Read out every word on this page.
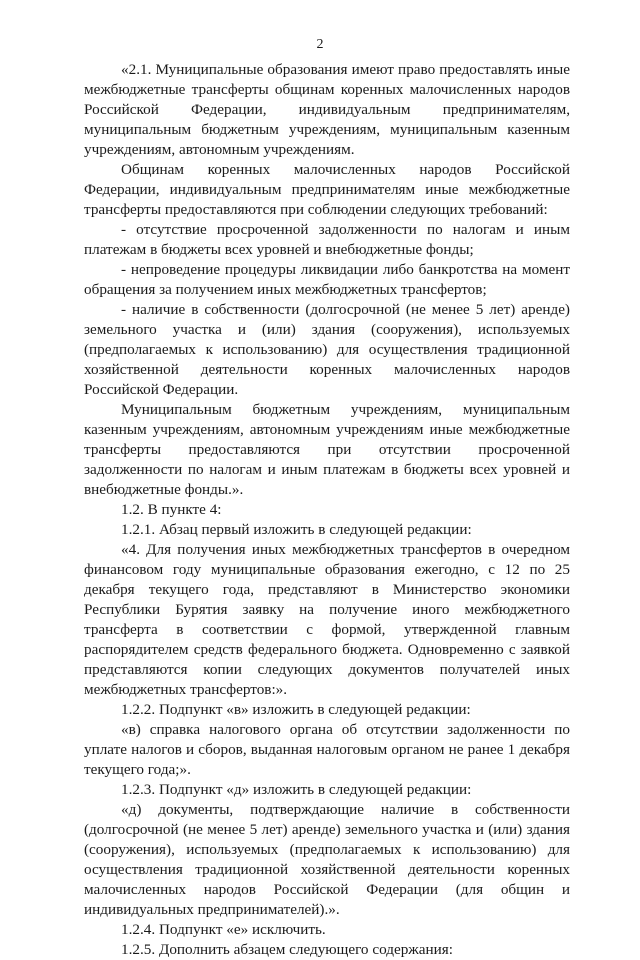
2

«2.1. Муниципальные образования имеют право предоставлять иные межбюджетные трансферты общинам коренных малочисленных народов Российской Федерации, индивидуальным предпринимателям, муниципальным бюджетным учреждениям, муниципальным казенным учреждениям, автономным учреждениям.

Общинам коренных малочисленных народов Российской Федерации, индивидуальным предпринимателям иные межбюджетные трансферты предоставляются при соблюдении следующих требований:

- отсутствие просроченной задолженности по налогам и иным платежам в бюджеты всех уровней и внебюджетные фонды;

- непроведение процедуры ликвидации либо банкротства на момент обращения за получением иных межбюджетных трансфертов;

- наличие в собственности (долгосрочной (не менее 5 лет) аренде) земельного участка и (или) здания (сооружения), используемых (предполагаемых к использованию) для осуществления традиционной хозяйственной деятельности коренных малочисленных народов Российской Федерации.

Муниципальным бюджетным учреждениям, муниципальным казенным учреждениям, автономным учреждениям иные межбюджетные трансферты предоставляются при отсутствии просроченной задолженности по налогам и иным платежам в бюджеты всех уровней и внебюджетные фонды.».

1.2. В пункте 4:

1.2.1. Абзац первый изложить в следующей редакции:

«4. Для получения иных межбюджетных трансфертов в очередном финансовом году муниципальные образования ежегодно, с 12 по 25 декабря текущего года, представляют в Министерство экономики Республики Бурятия заявку на получение иного межбюджетного трансферта в соответствии с формой, утвержденной главным распорядителем средств федерального бюджета. Одновременно с заявкой представляются копии следующих документов получателей иных межбюджетных трансфертов:».

1.2.2. Подпункт «в» изложить в следующей редакции:

«в) справка налогового органа об отсутствии задолженности по уплате налогов и сборов, выданная налоговым органом не ранее 1 декабря текущего года;».

1.2.3. Подпункт «д» изложить в следующей редакции:

«д) документы, подтверждающие наличие в собственности (долгосрочной (не менее 5 лет) аренде) земельного участка и (или) здания (сооружения), используемых (предполагаемых к использованию) для осуществления традиционной хозяйственной деятельности коренных малочисленных народов Российской Федерации (для общин и индивидуальных предпринимателей).».

1.2.4. Подпункт «е» исключить.

1.2.5. Дополнить абзацем следующего содержания:
